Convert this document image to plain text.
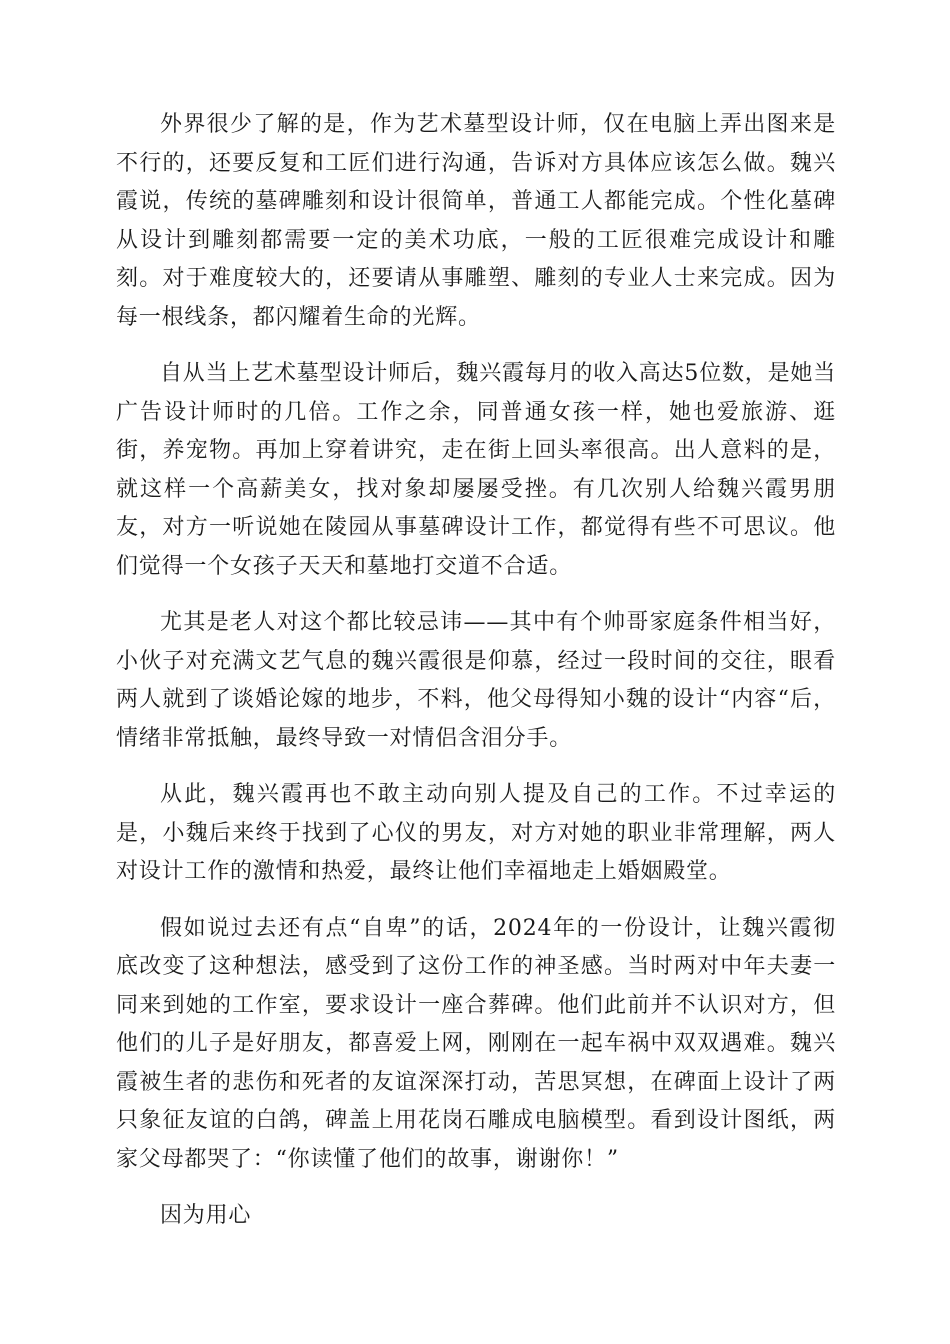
外界很少了解的是，作为艺术墓型设计师，仅在电脑上弄出图来是不行的，还要反复和工匠们进行沟通，告诉对方具体应该怎么做。魏兴霞说，传统的墓碑雕刻和设计很简单，普通工人都能完成。个性化墓碑从设计到雕刻都需要一定的美术功底，一般的工匠很难完成设计和雕刻。对于难度较大的，还要请从事雕塑、雕刻的专业人士来完成。因为每一根线条，都闪耀着生命的光辉。

自从当上艺术墓型设计师后，魏兴霞每月的收入高达5位数，是她当广告设计师时的几倍。工作之余，同普通女孩一样，她也爱旅游、逛街，养宠物。再加上穿着讲究，走在街上回头率很高。出人意料的是，就这样一个高薪美女，找对象却屡屡受挫。有几次别人给魏兴霞男朋友，对方一听说她在陵园从事墓碑设计工作，都觉得有些不可思议。他们觉得一个女孩子天天和墓地打交道不合适。

尤其是老人对这个都比较忌讳——其中有个帅哥家庭条件相当好，小伙子对充满文艺气息的魏兴霞很是仰慕，经过一段时间的交往，眼看两人就到了谈婚论嫁的地步，不料，他父母得知小魏的设计“内容“后，情绪非常抵触，最终导致一对情侣含泪分手。

从此，魏兴霞再也不敢主动向别人提及自己的工作。不过幸运的是，小魏后来终于找到了心仪的男友，对方对她的职业非常理解，两人对设计工作的激情和热爱，最终让他们幸福地走上婚姻殿堂。

假如说过去还有点“自卑”的话，2024年的一份设计，让魏兴霞彻底改变了这种想法，感受到了这份工作的神圣感。当时两对中年夫妻一同来到她的工作室，要求设计一座合葬碑。他们此前并不认识对方，但他们的儿子是好朋友，都喜爱上网，刚刚在一起车祸中双双遇难。魏兴霞被生者的悲伤和死者的友谊深深打动，苦思冥想，在碑面上设计了两只象征友谊的白鸽，碑盖上用花岗石雕成电脑模型。看到设计图纸，两家父母都哭了：“你读懂了他们的故事，谢谢你！”

因为用心
